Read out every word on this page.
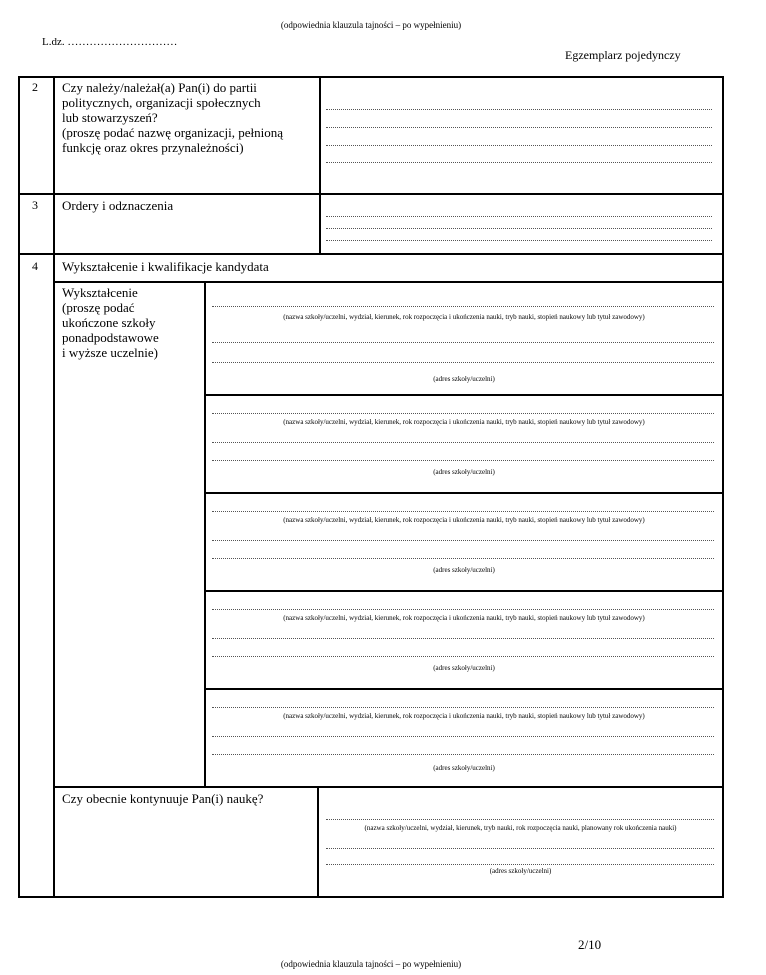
(odpowiednia klauzula tajności – po wypełnieniu)
L.dz. …………………………
Egzemplarz pojedynczy
2 Czy należy/należał(a) Pan(i) do partii
politycznych, organizacji społecznych
lub stowarzyszeń?
(proszę podać nazwę organizacji, pełnioną
funkcję oraz okres przynależności)
3 Ordery i odznaczenia
4 Wykształcenie i kwalifikacje kandydata
Wykształcenie
(proszę podać
ukończone szkoły
ponadpodstawowe
i wyższe uczelnie)
(nazwa szkoły/uczelni, wydział, kierunek, rok rozpoczęcia i ukończenia nauki, tryb nauki, stopień naukowy lub tytuł zawodowy)
(adres szkoły/uczelni)
(nazwa szkoły/uczelni, wydział, kierunek, rok rozpoczęcia i ukończenia nauki, tryb nauki, stopień naukowy lub tytuł zawodowy)
(adres szkoły/uczelni)
(nazwa szkoły/uczelni, wydział, kierunek, rok rozpoczęcia i ukończenia nauki, tryb nauki, stopień naukowy lub tytuł zawodowy)
(adres szkoły/uczelni)
(nazwa szkoły/uczelni, wydział, kierunek, rok rozpoczęcia i ukończenia nauki, tryb nauki, stopień naukowy lub tytuł zawodowy)
(adres szkoły/uczelni)
(nazwa szkoły/uczelni, wydział, kierunek, rok rozpoczęcia i ukończenia nauki, tryb nauki, stopień naukowy lub tytuł zawodowy)
(adres szkoły/uczelni)
Czy obecnie kontynuuje Pan(i) naukę?
(nazwa szkoły/uczelni, wydział, kierunek, tryb nauki, rok rozpoczęcia nauki, planowany rok ukończenia nauki)
(adres szkoły/uczelni)
2/10
(odpowiednia klauzula tajności – po wypełnieniu)
